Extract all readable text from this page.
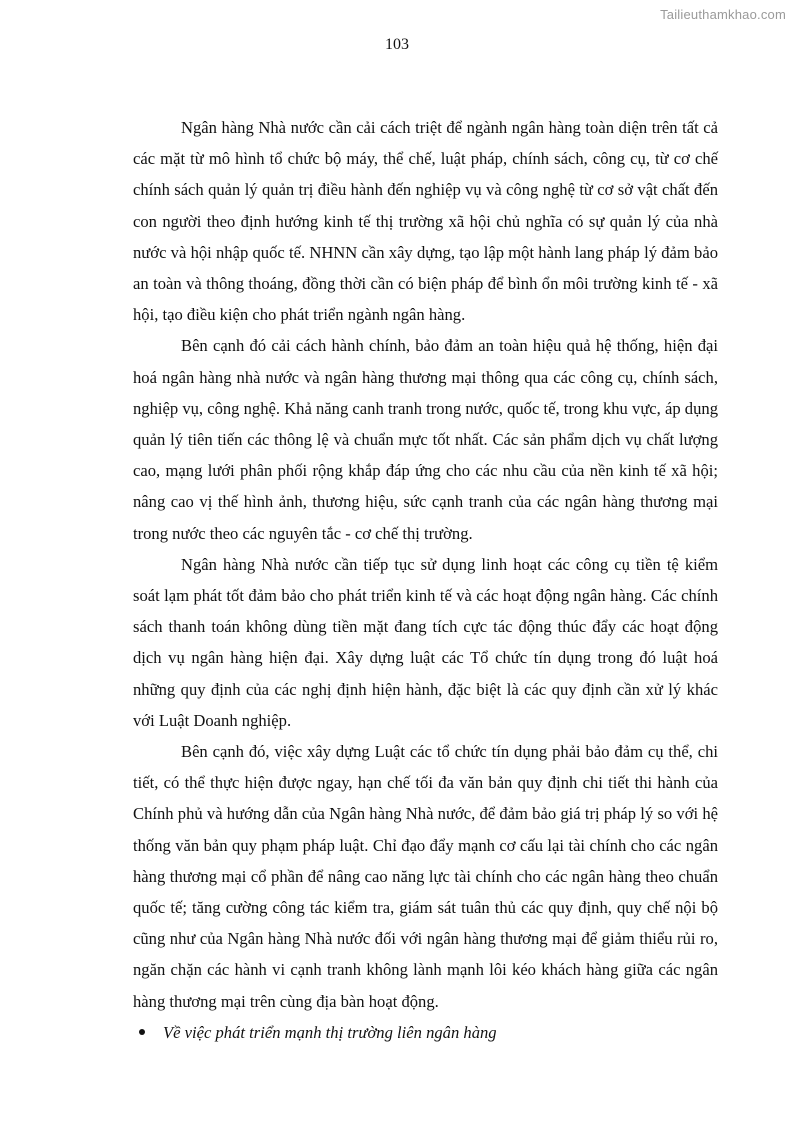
Tailieuthamkhao.com
103

Ngân hàng Nhà nước cần cải cách triệt để ngành ngân hàng toàn diện trên tất cả các mặt từ mô hình tổ chức bộ máy, thể chế, luật pháp, chính sách, công cụ, từ cơ chế chính sách quản lý quản trị điều hành đến nghiệp vụ và công nghệ từ cơ sở vật chất đến con người theo định hướng kinh tế thị trường xã hội chủ nghĩa có sự quản lý của nhà nước và hội nhập quốc tế. NHNN cần xây dựng, tạo lập một hành lang pháp lý đảm bảo an toàn và thông thoáng, đồng thời cần có biện pháp để bình ổn môi trường kinh tế - xã hội, tạo điều kiện cho phát triển ngành ngân hàng.

Bên cạnh đó cải cách hành chính, bảo đảm an toàn hiệu quả hệ thống, hiện đại hoá ngân hàng nhà nước và ngân hàng thương mại thông qua các công cụ, chính sách, nghiệp vụ, công nghệ. Khả năng canh tranh trong nước, quốc tế, trong khu vực, áp dụng quản lý tiên tiến các thông lệ và chuẩn mực tốt nhất. Các sản phẩm dịch vụ chất lượng cao, mạng lưới phân phối rộng khắp đáp ứng cho các nhu cầu của nền kinh tế xã hội; nâng cao vị thế hình ảnh, thương hiệu, sức cạnh tranh của các ngân hàng thương mại trong nước theo các nguyên tắc - cơ chế thị trường.

Ngân hàng Nhà nước cần tiếp tục sử dụng linh hoạt các công cụ tiền tệ kiểm soát lạm phát tốt đảm bảo cho phát triển kinh tế và các hoạt động ngân hàng. Các chính sách thanh toán không dùng tiền mặt đang tích cực tác động thúc đẩy các hoạt động dịch vụ ngân hàng hiện đại. Xây dựng luật các Tổ chức tín dụng trong đó luật hoá những quy định của các nghị định hiện hành, đặc biệt là các quy định cần xử lý khác với Luật Doanh nghiệp.

Bên cạnh đó, việc xây dựng Luật các tổ chức tín dụng phải bảo đảm cụ thể, chi tiết, có thể thực hiện được ngay, hạn chế tối đa văn bản quy định chi tiết thi hành của Chính phủ và hướng dẫn của Ngân hàng Nhà nước, để đảm bảo giá trị pháp lý so với hệ thống văn bản quy phạm pháp luật. Chỉ đạo đẩy mạnh cơ cấu lại tài chính cho các ngân hàng thương mại cổ phần để nâng cao năng lực tài chính cho các ngân hàng theo chuẩn quốc tế; tăng cường công tác kiểm tra, giám sát tuân thủ các quy định, quy chế nội bộ cũng như của Ngân hàng Nhà nước đối với ngân hàng thương mại để giảm thiểu rủi ro, ngăn chặn các hành vi cạnh tranh không lành mạnh lôi kéo khách hàng giữa các ngân hàng thương mại trên cùng địa bàn hoạt động.

Về việc phát triển mạnh thị trường liên ngân hàng
